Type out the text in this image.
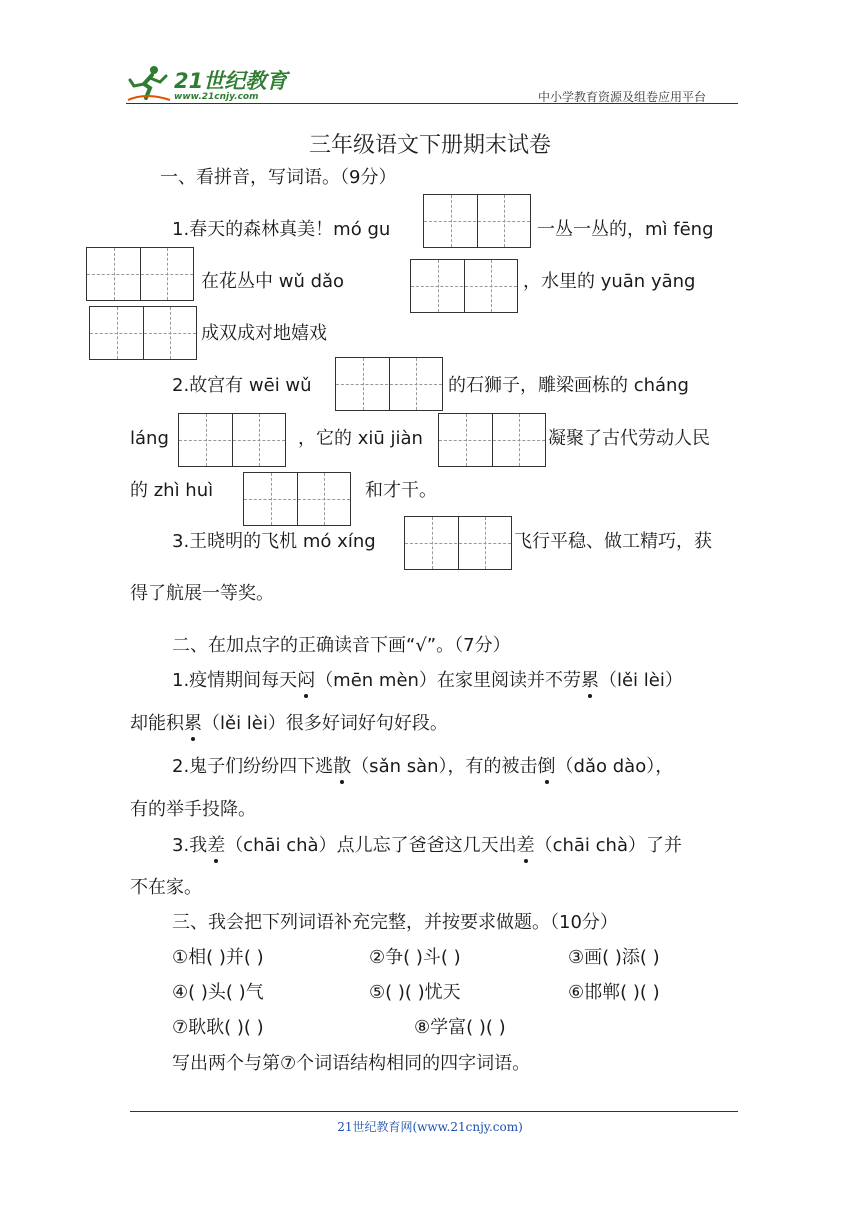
21世纪教育
www.21cnjy.com	中小学教育资源及组卷应用平台
三年级语文下册期末试卷
一、看拼音，写词语。（9分）
1.春天的森林真美！mó gu	一丛一丛的，mì fēng
在花丛中 wǔ dǎo	，水里的 yuān yāng
成双成对地嬉戏
2.故宫有 wēi wǔ	的石狮子，雕梁画栋的 cháng
láng	，它的 xiū jiàn	凝聚了古代劳动人民
的 zhì huì	和才干。
3.王晓明的飞机 mó xíng	飞行平稳、做工精巧，获
得了航展一等奖。
二、在加点字的正确读音下画“√”。（7分）
1.疫情期间每天闷（mēn mèn）在家里阅读并不劳累（lěi lèi）
却能积累（lěi lèi）很多好词好句好段。
2.鬼子们纷纷四下逃散（sǎn sàn），有的被击倒（dǎo dào），
有的举手投降。
3.我差（chāi chà）点儿忘了爸爸这几天出差（chāi chà）了并
不在家。
三、我会把下列词语补充完整，并按要求做题。（10分）
①相( )并( )	②争( )斗( )	③画( )添( )
④( )头( )气	⑤( )( )忧天	⑥邯郸( )( )
⑦耿耿( )( )	⑧学富( )( )
写出两个与第⑦个词语结构相同的四字词语。
21世纪教育网(www.21cnjy.com)
